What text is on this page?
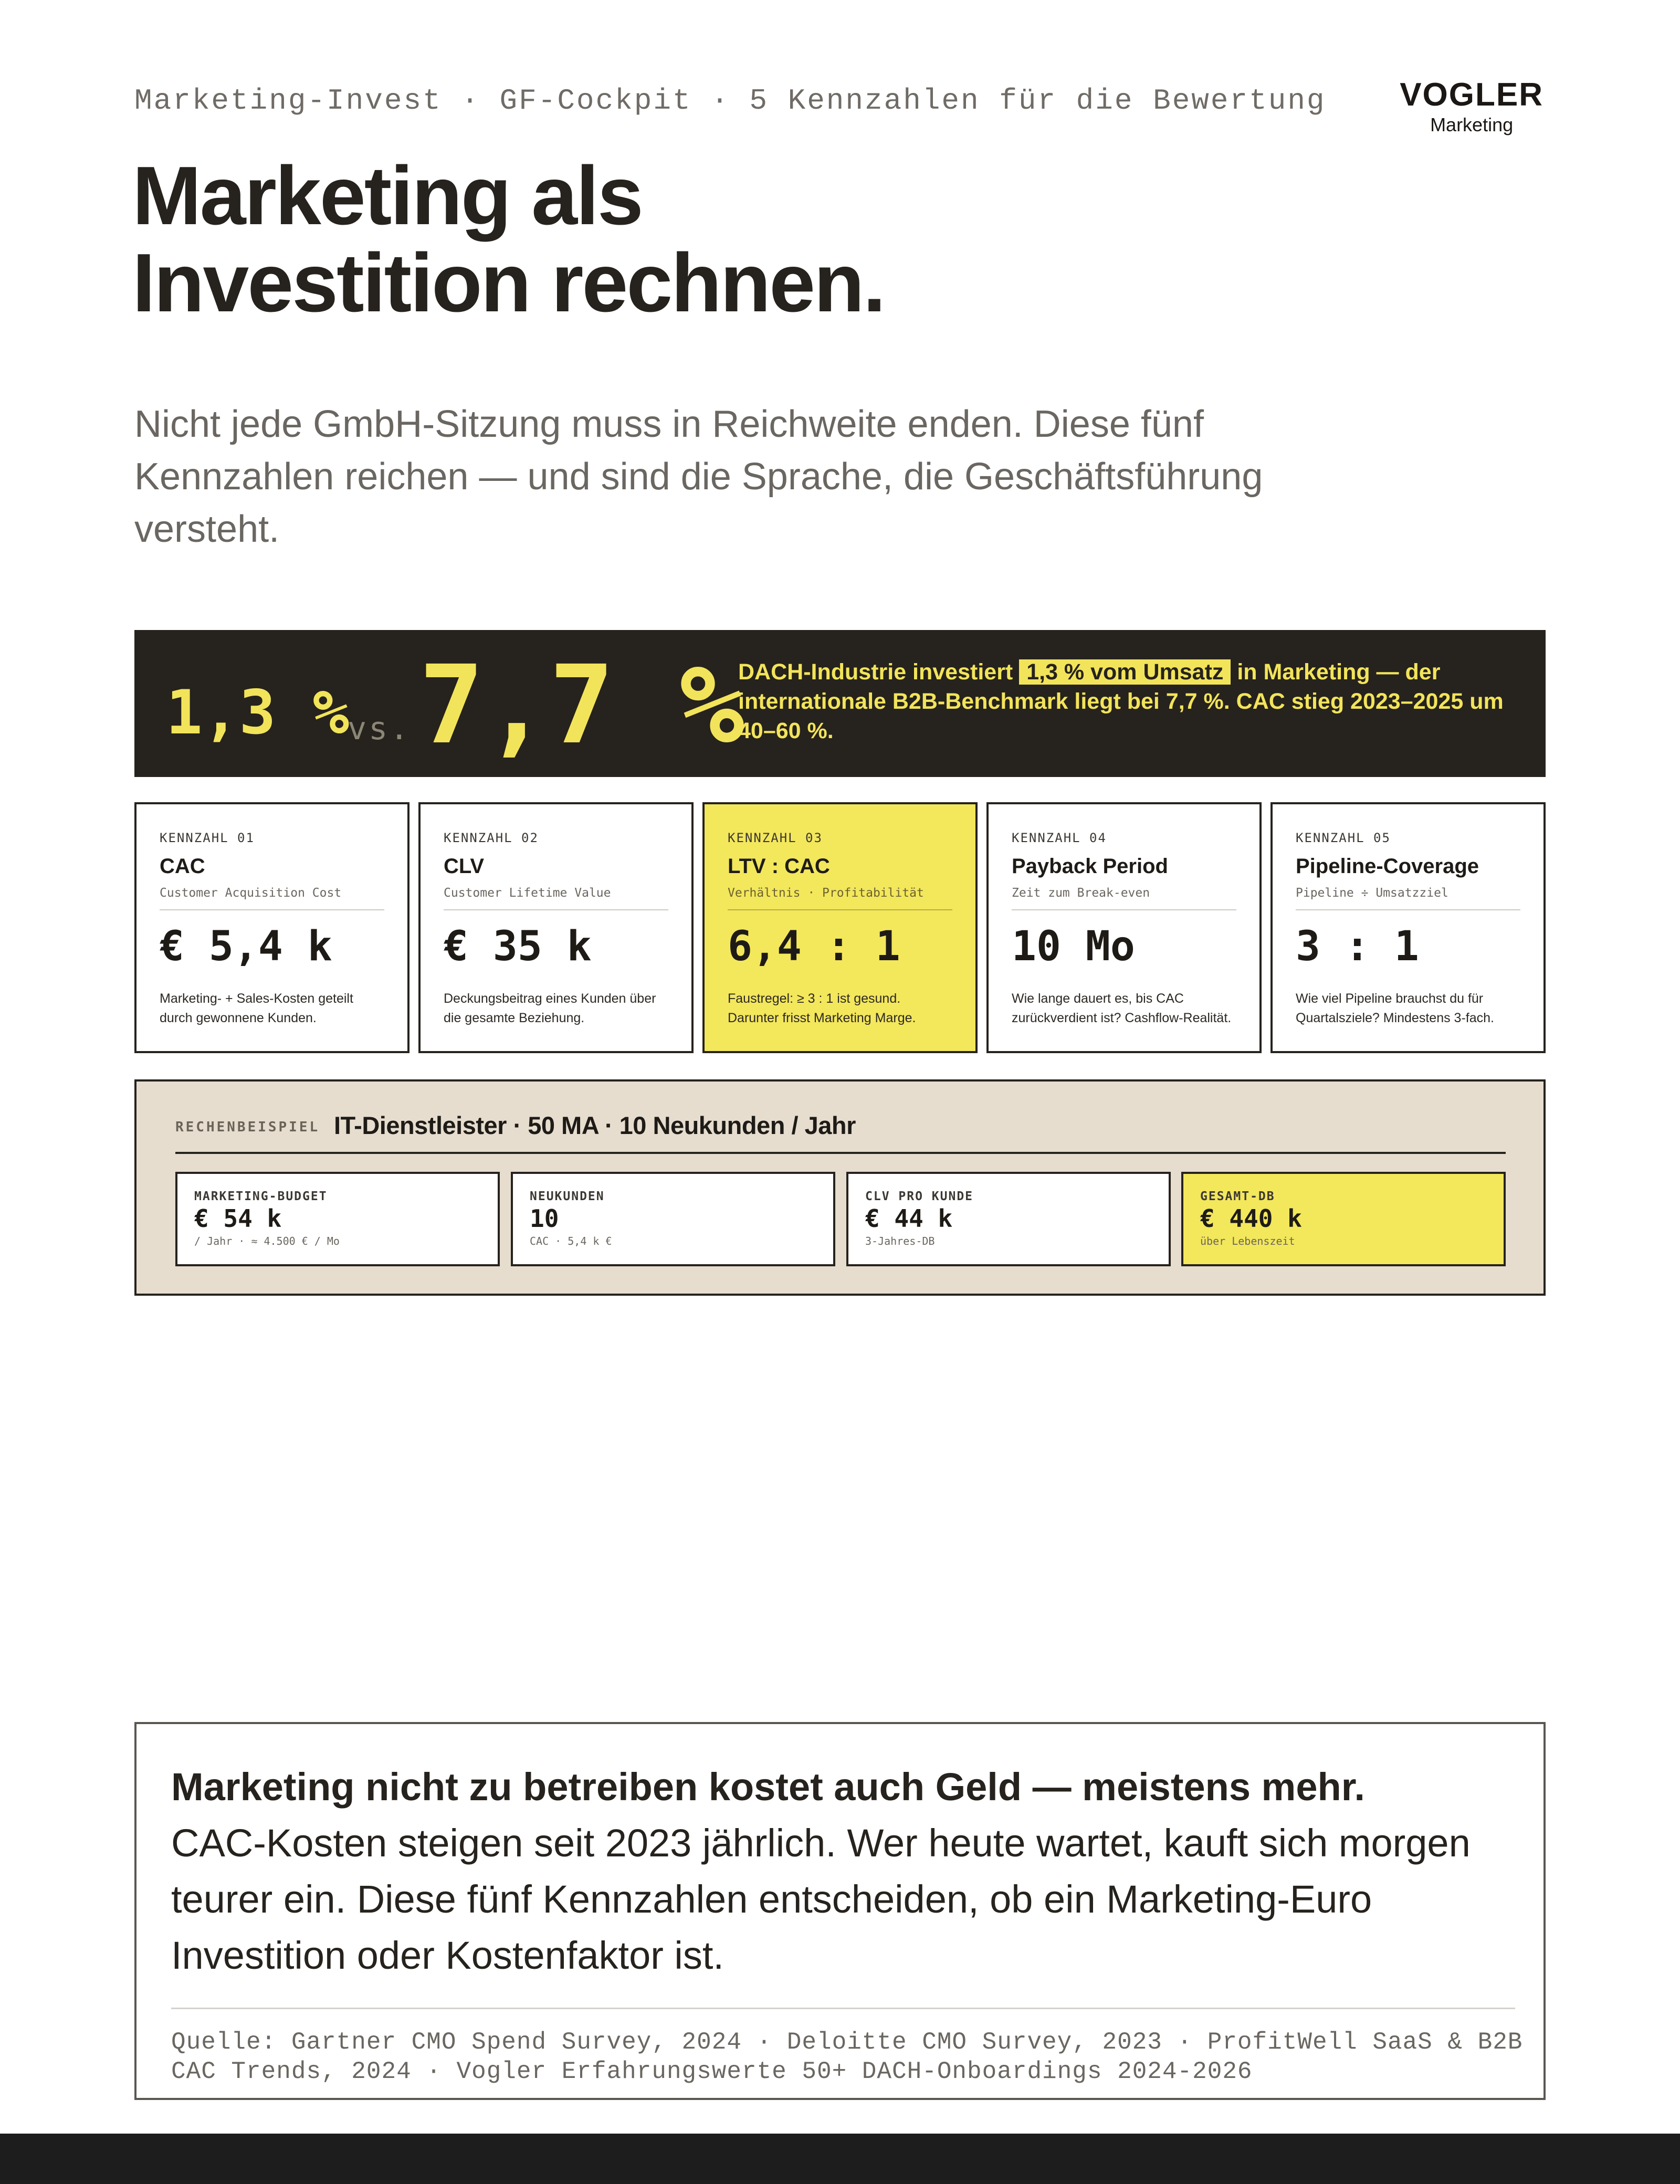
Marketing-Invest · GF-Cockpit · 5 Kennzahlen für die Bewertung VOGLER
Marketing
Marketing als
Investition rechnen.
Nicht jede GmbH-Sitzung muss in Reichweite enden. Diese fünf Kennzahlen reichen — und sind die Sprache, die Geschäftsführung versteht.
1,3 %
vs. 7,7 %
DACH-Industrie investiert 1,3 % vom Umsatz in Marketing — der internationale B2B-Benchmark liegt bei 7,7 %. CAC stieg 2023–2025 um 40–60 %.
KENNZAHL 01
CAC
Customer Acquisition Cost
€ 5,4 k
Marketing- + Sales-Kosten geteilt durch gewonnene Kunden.
KENNZAHL 02
CLV
Customer Lifetime Value
€ 35 k
Deckungsbeitrag eines Kunden über die gesamte Beziehung.
KENNZAHL 03
LTV : CAC
Verhältnis · Profitabilität
6,4 : 1
Faustregel: ≥ 3 : 1 ist gesund. Darunter frisst Marketing Marge.
KENNZAHL 04
Payback Period
Zeit zum Break-even
10 Mo
Wie lange dauert es, bis CAC zurückverdient ist? Cashflow-Realität.
KENNZAHL 05
Pipeline-Coverage
Pipeline ÷ Umsatzziel
3 : 1
Wie viel Pipeline brauchst du für Quartalsziele? Mindestens 3-fach.
RECHENBEISPIEL IT-Dienstleister · 50 MA · 10 Neukunden / Jahr
MARKETING-BUDGET
€ 54 k
/ Jahr · ≈ 4.500 € / Mo
NEUKUNDEN
10
CAC · 5,4 k €
CLV PRO KUNDE
€ 44 k
3-Jahres-DB
GESAMT-DB
€ 440 k
über Lebenszeit
Marketing nicht zu betreiben kostet auch Geld — meistens mehr.
CAC-Kosten steigen seit 2023 jährlich. Wer heute wartet, kauft sich morgen teurer ein. Diese fünf Kennzahlen entscheiden, ob ein Marketing-Euro Investition oder Kostenfaktor ist.
Quelle: Gartner CMO Spend Survey, 2024 · Deloitte CMO Survey, 2023 · ProfitWell SaaS & B2B CAC Trends, 2024 · Vogler Erfahrungswerte 50+ DACH-Onboardings 2024-2026
